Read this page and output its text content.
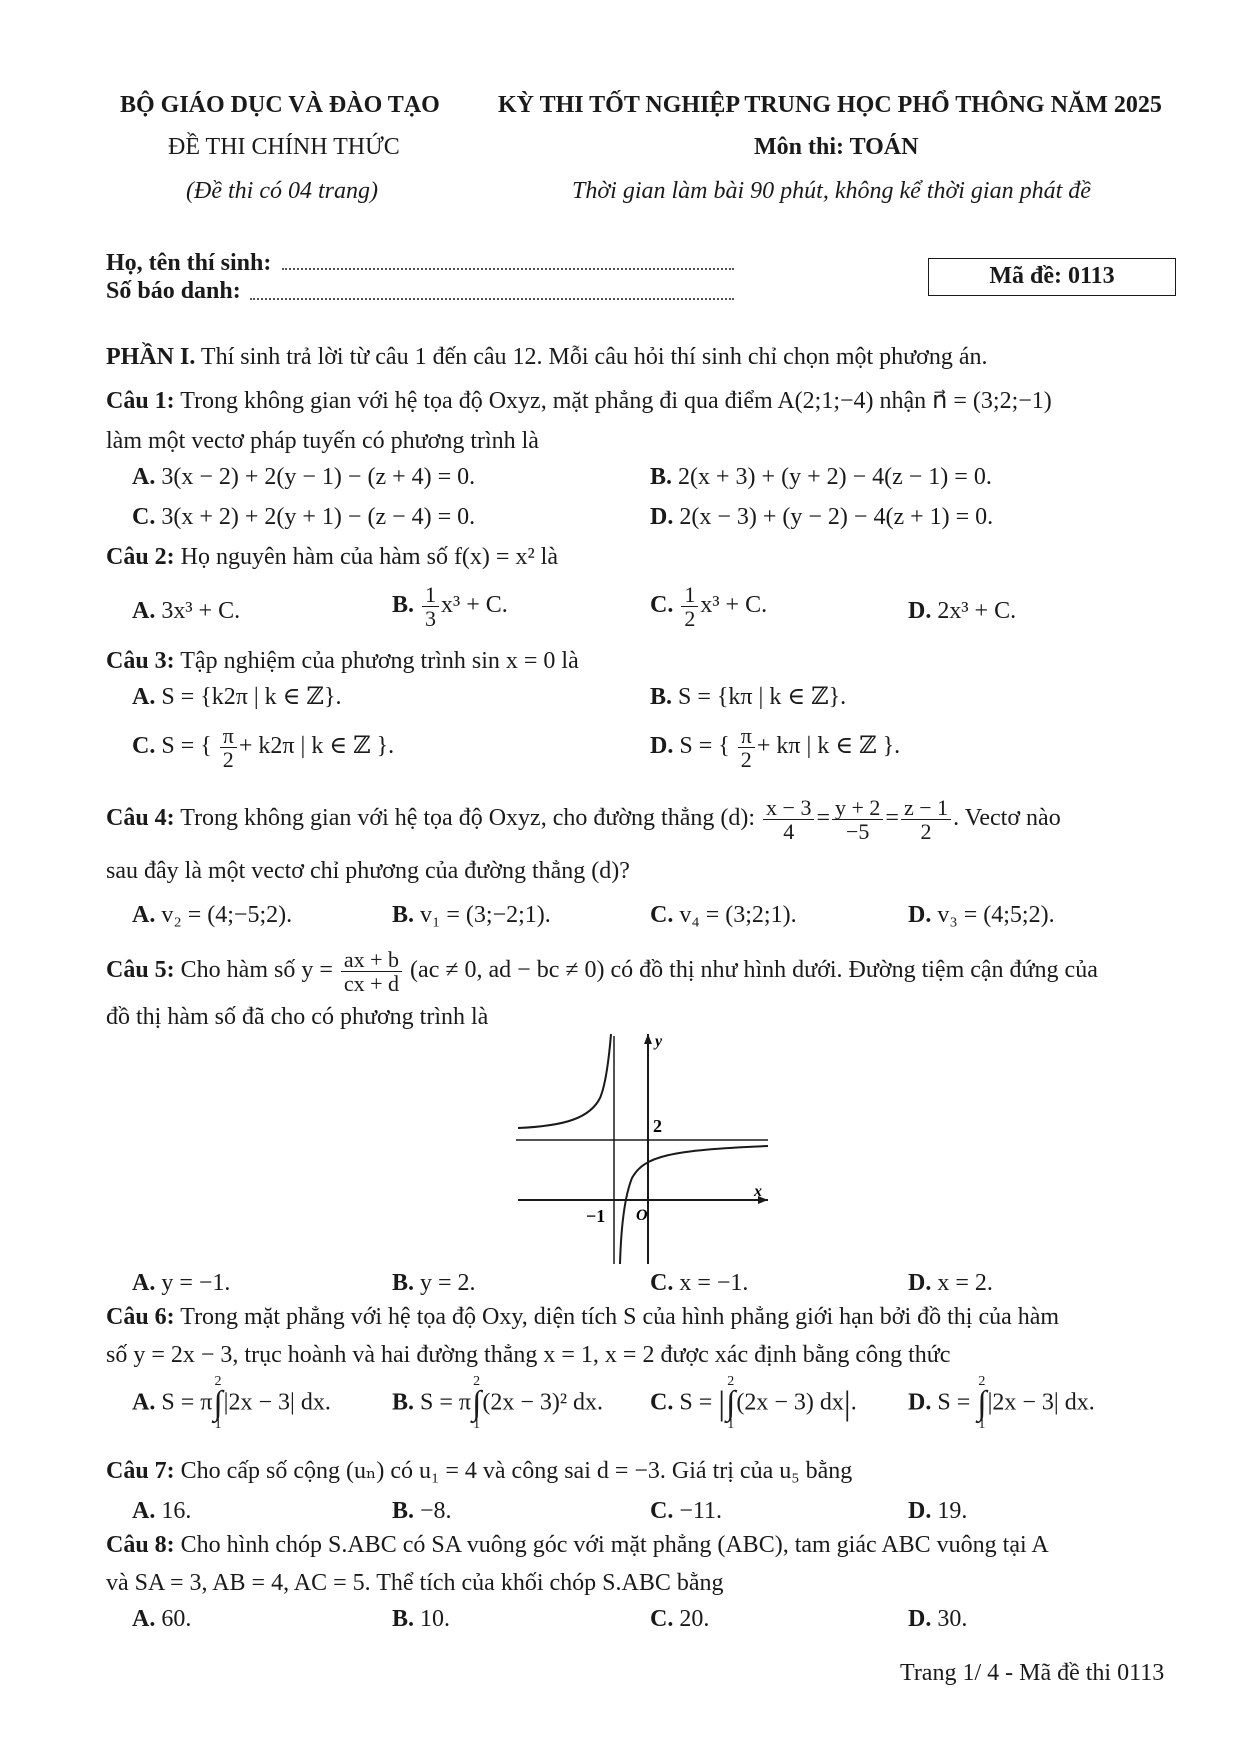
BỘ GIÁO DỤC VÀ ĐÀO TẠO KỲ THI TỐT NGHIỆP TRUNG HỌC PHỔ THÔNG NĂM 2025
ĐỀ THI CHÍNH THỨC	Môn thi: TOÁN
(Đề thi có 04 trang)	Thời gian làm bài 90 phút, không kể thời gian phát đề
Họ, tên thí sinh:
Số báo danh:
Mã đề: 0113
PHẦN I. Thí sinh trả lời từ câu 1 đến câu 12. Mỗi câu hỏi thí sinh chỉ chọn một phương án.
Câu 1: Trong không gian với hệ tọa độ Oxyz, mặt phẳng đi qua điểm A(2;1;−4) nhận n⃗ = (3;2;−1)
làm một vectơ pháp tuyến có phương trình là
A. 3(x − 2) + 2(y − 1) − (z + 4) = 0.	B. 2(x + 3) + (y + 2) − 4(z − 1) = 0.
C. 3(x + 2) + 2(y + 1) − (z − 4) = 0.	D. 2(x − 3) + (y − 2) − 4(z + 1) = 0.
Câu 2: Họ nguyên hàm của hàm số f(x) = x² là
A. 3x³ + C.	B. $\frac{1}{3} x^3 + C$.	C. $\frac{1}{2} x^3 + C$.	D. 2x³ + C.
Câu 3: Tập nghiệm của phương trình sin x = 0 là
A. S = {k2π | k ∈ ℤ}.	B. S = {kπ | k ∈ ℤ}.
C. S = { $\frac{\pi}{2} + k2\pi$ | k ∈ ℤ }.	D. S = { $\frac{\pi}{2} + k\pi$ | k ∈ ℤ }.
Câu 4: Trong không gian với hệ tọa độ Oxyz, cho đường thẳng (d): $\frac{x - 3}{4} = \frac{y + 2}{-5} = \frac{z - 1}{2}$ . Vectơ nào
sau đây là một vectơ chỉ phương của đường thẳng (d)?
A. v₂ = (4;−5;2).	B. v₁ = (3;−2;1).	C. v₄ = (3;2;1).	D. v₃ = (4;5;2).
Câu 5: Cho hàm số $y = \frac{ax + b}{cx + d} (ac \ne 0$, ad − bc ≠ 0) có đồ thị như hình dưới. Đường tiệm cận đứng của
đồ thị hàm số đã cho có phương trình là
y
x
2
−1 O
A. y = −1.	B. y = 2.	C. x = −1.	D. x = 2.
Câu 6: Trong mặt phẳng với hệ tọa độ Oxy, diện tích S của hình phẳng giới hạn bởi đồ thị của hàm
số y = 2x − 3, trục hoành và hai đường thẳng x = 1, x = 2 được xác định bằng công thức
A. S = π
2
∫
1
|2x − 3| dx.	B. S = π
2
∫
1
(2x − 3)² dx. C. S = |
2
∫
1
(2x − 3) dx|. D. S =
2
∫
1
|2x − 3| dx.
Câu 7: Cho cấp số cộng (uₙ) có u₁ = 4 và công sai d = −3. Giá trị của u₅ bằng
A. 16.	B. −8.	C. −11.	D. 19.
Câu 8: Cho hình chóp S.ABC có SA vuông góc với mặt phẳng (ABC), tam giác ABC vuông tại A
và SA = 3, AB = 4, AC = 5. Thể tích của khối chóp S.ABC bằng
A. 60.	B. 10.	C. 20.	D. 30.
Trang 1/ 4 - Mã đề thi 0113
